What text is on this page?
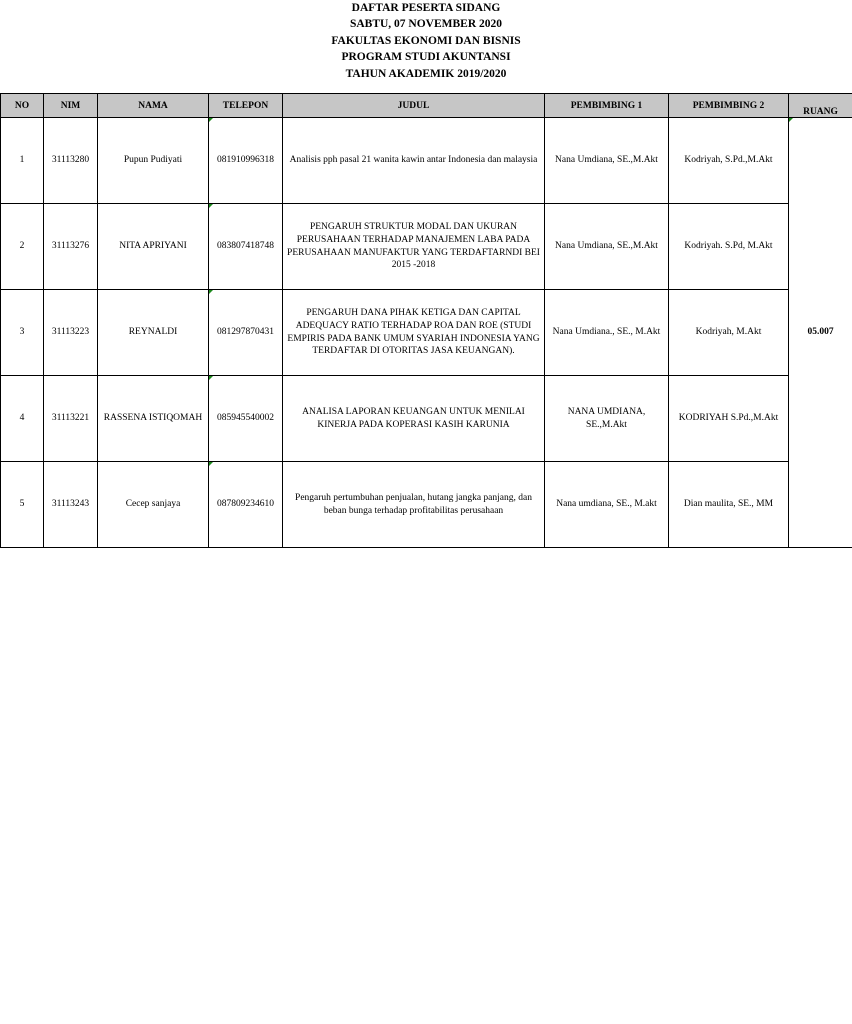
DAFTAR PESERTA SIDANG
SABTU, 07 NOVEMBER 2020
FAKULTAS EKONOMI DAN BISNIS
PROGRAM STUDI AKUNTANSI
TAHUN AKADEMIK 2019/2020
NO	NIM	NAMA	TELEPON	JUDUL	PEMBIMBING 1	PEMBIMBING 2	RUANG
1	31113280	Pupun Pudiyati	081910996318	Analisis pph pasal 21 wanita kawin antar Indonesia dan malaysia	Nana Umdiana, SE.,M.Akt	Kodriyah, S.Pd.,M.Akt	05.007
2	31113276	NITA APRIYANI	083807418748	PENGARUH STRUKTUR MODAL DAN UKURAN PERUSAHAAN TERHADAP MANAJEMEN LABA PADA PERUSAHAAN MANUFAKTUR YANG TERDAFTARNDI BEI 2015 -2018	Nana Umdiana, SE.,M.Akt	Kodriyah. S.Pd, M.Akt	
3	31113223	REYNALDI	081297870431	PENGARUH DANA PIHAK KETIGA DAN CAPITAL ADEQUACY RATIO TERHADAP ROA DAN ROE (STUDI EMPIRIS PADA BANK UMUM SYARIAH INDONESIA YANG TERDAFTAR DI OTORITAS JASA KEUANGAN).	Nana Umdiana., SE., M.Akt	Kodriyah, M.Akt	
4	31113221	RASSENA ISTIQOMAH	085945540002	ANALISA LAPORAN KEUANGAN UNTUK MENILAI KINERJA PADA KOPERASI KASIH KARUNIA	NANA UMDIANA, SE.,M.Akt	KODRIYAH S.Pd.,M.Akt	
5	31113243	Cecep sanjaya	087809234610	Pengaruh pertumbuhan penjualan, hutang jangka panjang, dan beban bunga terhadap profitabilitas perusahaan	Nana umdiana, SE., M.akt	Dian maulita, SE., MM	
